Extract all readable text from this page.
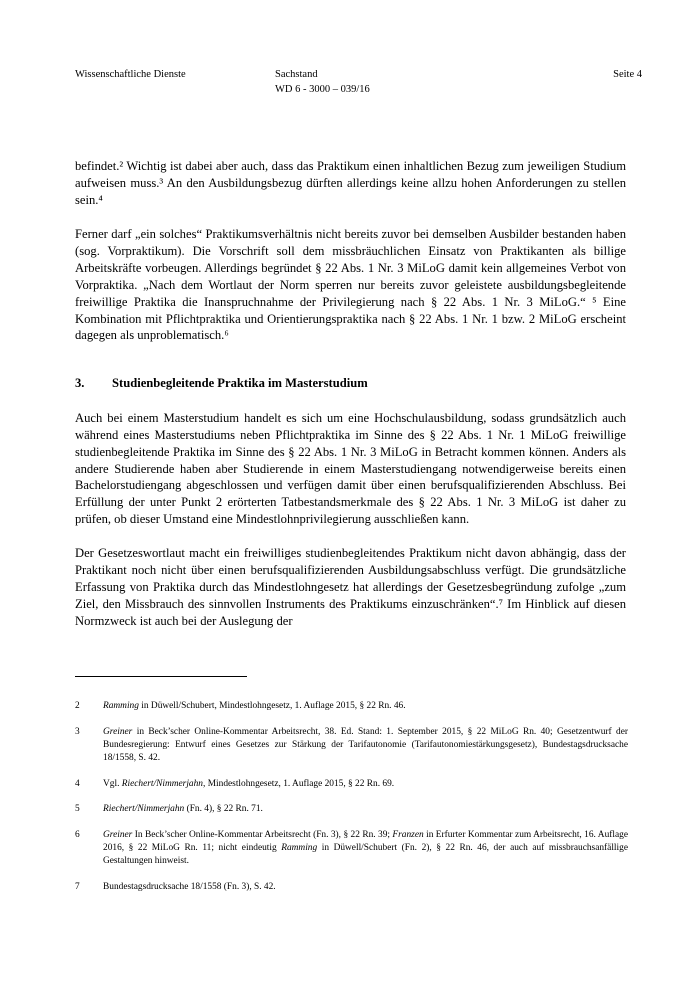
Wissenschaftliche Dienste	Sachstand
WD 6 - 3000 – 039/16
Seite 4

befindet.² Wichtig ist dabei aber auch, dass das Praktikum einen inhaltlichen Bezug zum jeweiligen Studium aufweisen muss.³ An den Ausbildungsbezug dürften allerdings keine allzu hohen Anforderungen zu stellen sein.⁴

Ferner darf „ein solches“ Praktikumsverhältnis nicht bereits zuvor bei demselben Ausbilder bestanden haben (sog. Vorpraktikum). Die Vorschrift soll dem missbräuchlichen Einsatz von Praktikanten als billige Arbeitskräfte vorbeugen. Allerdings begründet § 22 Abs. 1 Nr. 3 MiLoG damit kein allgemeines Verbot von Vorpraktika. „Nach dem Wortlaut der Norm sperren nur bereits zuvor geleistete ausbildungsbegleitende freiwillige Praktika die Inanspruchnahme der Privilegierung nach § 22 Abs. 1 Nr. 3 MiLoG.“ ⁵ Eine Kombination mit Pflichtpraktika und Orientierungspraktika nach § 22 Abs. 1 Nr. 1 bzw. 2 MiLoG erscheint dagegen als unproblematisch.⁶

3.	Studienbegleitende Praktika im Masterstudium

Auch bei einem Masterstudium handelt es sich um eine Hochschulausbildung, sodass grundsätzlich auch während eines Masterstudiums neben Pflichtpraktika im Sinne des § 22 Abs. 1 Nr. 1 MiLoG freiwillige studienbegleitende Praktika im Sinne des § 22 Abs. 1 Nr. 3 MiLoG in Betracht kommen können. Anders als andere Studierende haben aber Studierende in einem Masterstudiengang notwendigerweise bereits einen Bachelorstudiengang abgeschlossen und verfügen damit über einen berufsqualifizierenden Abschluss. Bei Erfüllung der unter Punkt 2 erörterten Tatbestandsmerkmale des § 22 Abs. 1 Nr. 3 MiLoG ist daher zu prüfen, ob dieser Umstand eine Mindestlohnprivilegierung ausschließen kann.

Der Gesetzeswortlaut macht ein freiwilliges studienbegleitendes Praktikum nicht davon abhängig, dass der Praktikant noch nicht über einen berufsqualifizierenden Ausbildungsabschluss verfügt. Die grundsätzliche Erfassung von Praktika durch das Mindestlohngesetz hat allerdings der Gesetzesbegründung zufolge „zum Ziel, den Missbrauch des sinnvollen Instruments des Praktikums einzuschränken“.⁷ Im Hinblick auf diesen Normzweck ist auch bei der Auslegung der

2	Ramming in Düwell/Schubert, Mindestlohngesetz, 1. Auflage 2015, § 22 Rn. 46.
3	Greiner in Beck’scher Online-Kommentar Arbeitsrecht, 38. Ed. Stand: 1. September 2015, § 22 MiLoG Rn. 40; Gesetzentwurf der Bundesregierung: Entwurf eines Gesetzes zur Stärkung der Tarifautonomie (Tarifautonomiestärkungsgesetz), Bundestagsdrucksache 18/1558, S. 42.
4	Vgl. Riechert/Nimmerjahn, Mindestlohngesetz, 1. Auflage 2015, § 22 Rn. 69.
5	Riechert/Nimmerjahn (Fn. 4), § 22 Rn. 71.
6	Greiner In Beck’scher Online-Kommentar Arbeitsrecht (Fn. 3), § 22 Rn. 39; Franzen in Erfurter Kommentar zum Arbeitsrecht, 16. Auflage 2016, § 22 MiLoG Rn. 11; nicht eindeutig Ramming in Düwell/Schubert (Fn. 2), § 22 Rn. 46, der auch auf missbrauchsanfällige Gestaltungen hinweist.
7	Bundestagsdrucksache 18/1558 (Fn. 3), S. 42.
